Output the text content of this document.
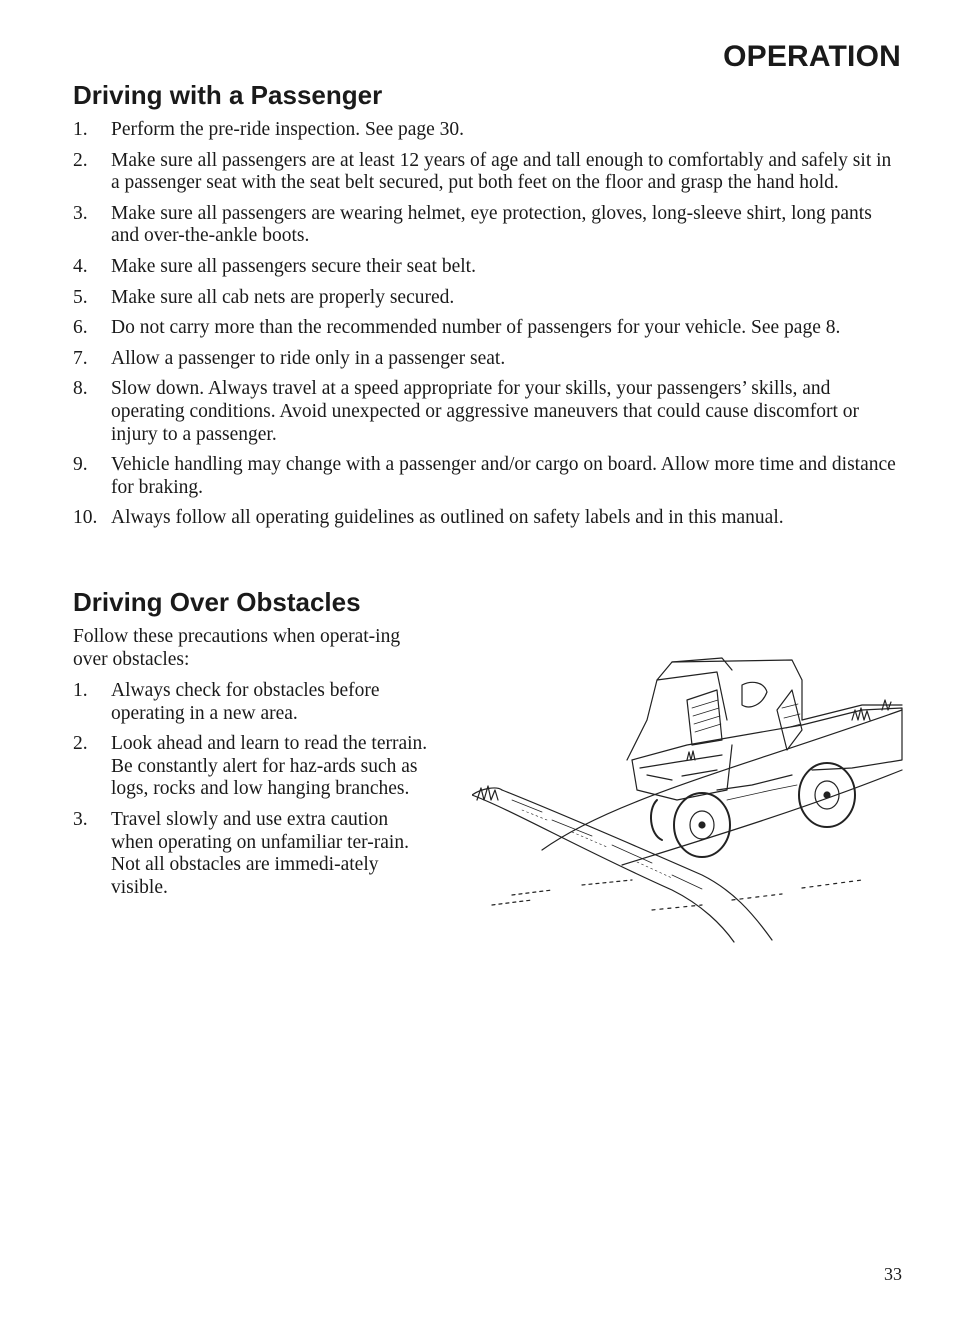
OPERATION
Driving with a Passenger
1. Perform the pre-ride inspection. See page 30.
2. Make sure all passengers are at least 12 years of age and tall enough to comfortably and safely sit in a passenger seat with the seat belt secured, put both feet on the floor and grasp the hand hold.
3. Make sure all passengers are wearing helmet, eye protection, gloves, long-sleeve shirt, long pants and over-the-ankle boots.
4. Make sure all passengers secure their seat belt.
5. Make sure all cab nets are properly secured.
6. Do not carry more than the recommended number of passengers for your vehicle. See page 8.
7. Allow a passenger to ride only in a passenger seat.
8. Slow down. Always travel at a speed appropriate for your skills, your passengers’ skills, and operating conditions. Avoid unexpected or aggressive maneuvers that could cause discomfort or injury to a passenger.
9. Vehicle handling may change with a passenger and/or cargo on board. Allow more time and distance for braking.
10. Always follow all operating guidelines as outlined on safety labels and in this manual.
Driving Over Obstacles

Follow these precautions when operat-ing over obstacles:

1. Always check for obstacles before operating in a new area.
2. Look ahead and learn to read the terrain. Be constantly alert for haz-ards such as logs, rocks and low hanging branches.
3. Travel slowly and use extra caution when operating on unfamiliar ter-rain. Not all obstacles are immedi-ately visible.
33
